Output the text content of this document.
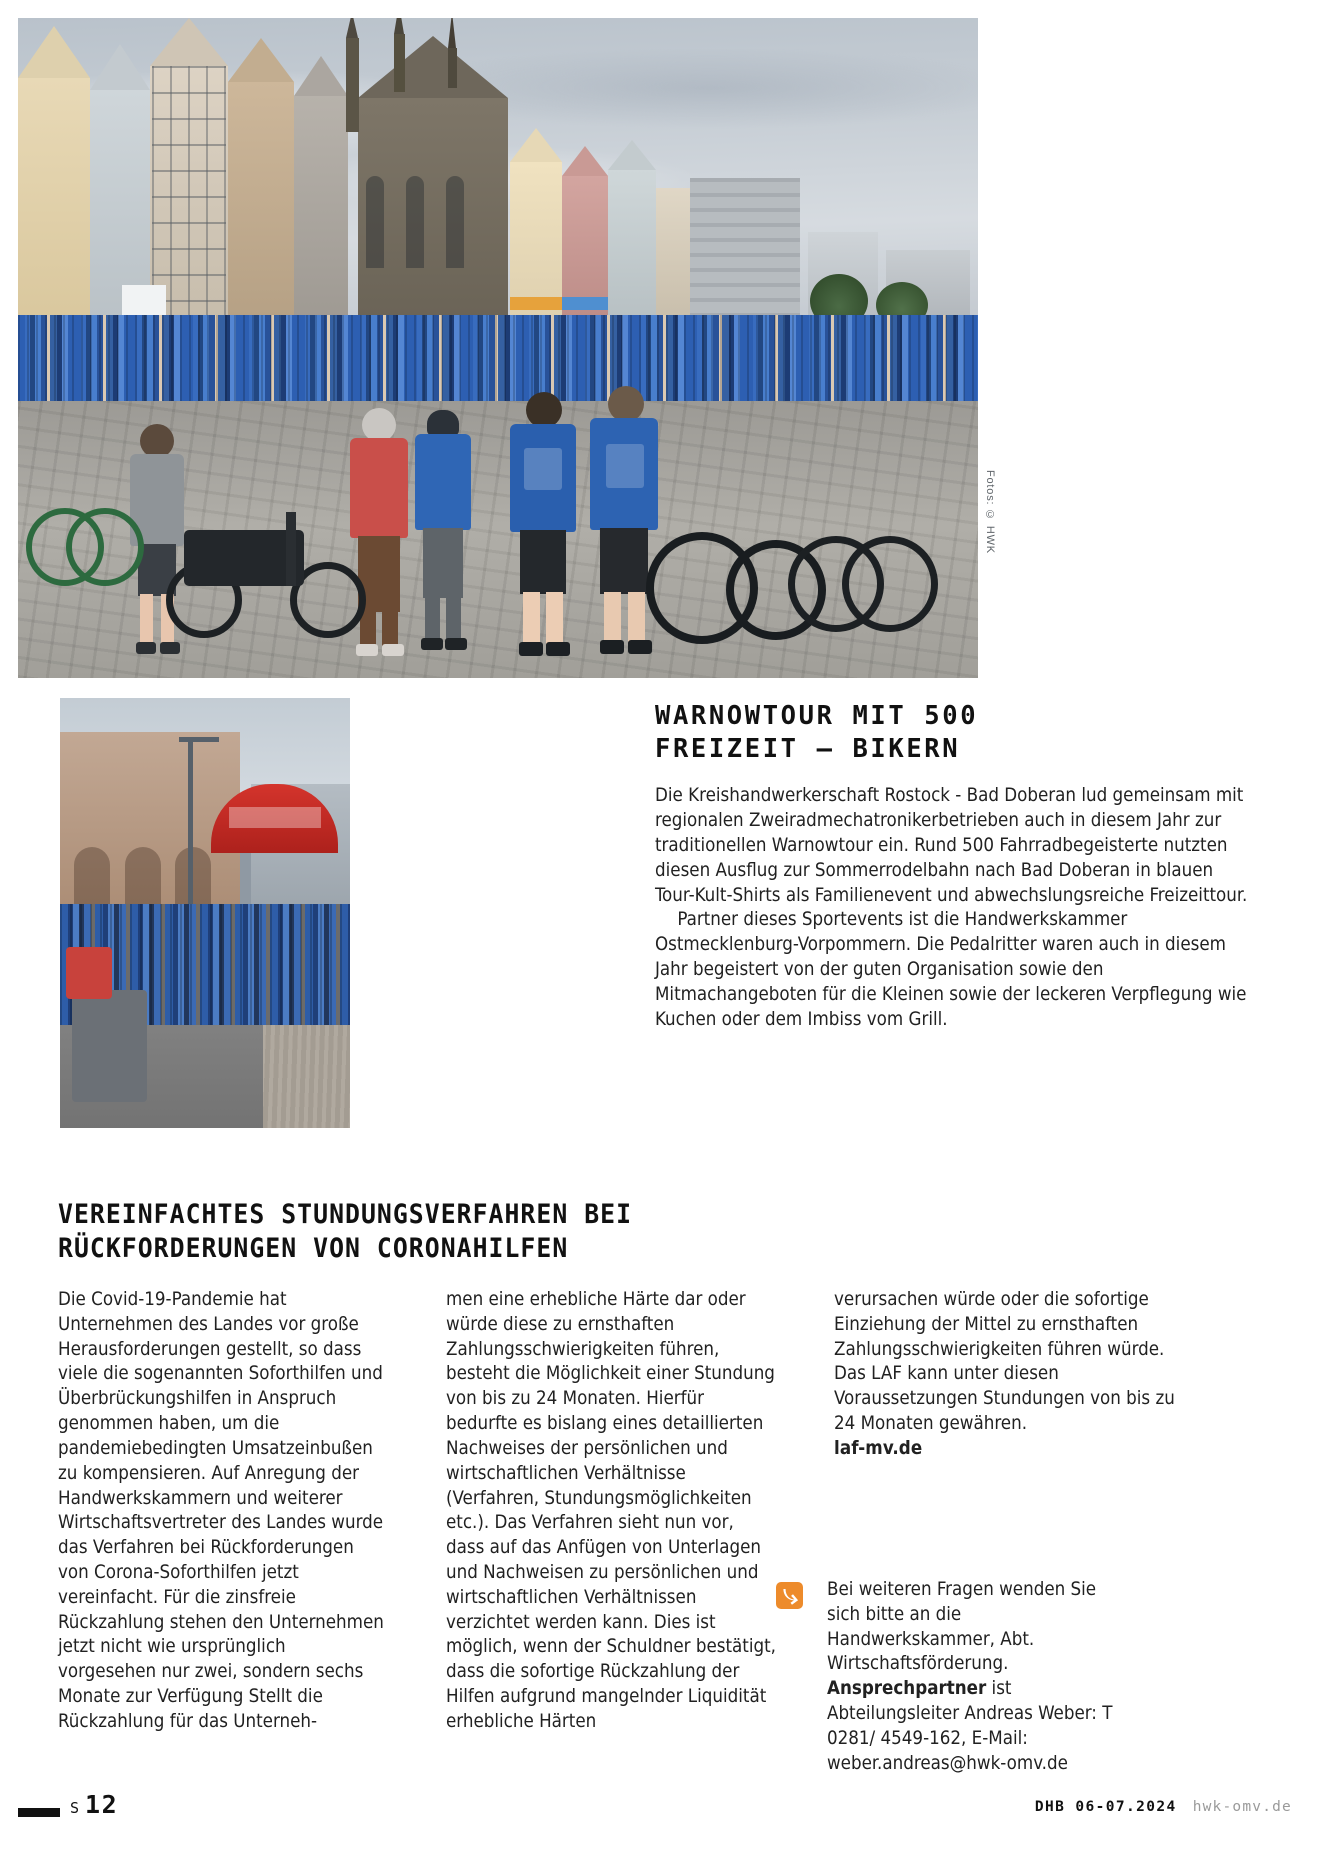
Fotos: © HWK
WARNOWTOUR MIT 500
FREIZEIT – BIKERN

Die Kreishandwerkerschaft Rostock - Bad Doberan lud gemeinsam mit regionalen Zweiradmechatronikerbetrieben auch in diesem Jahr zur traditionellen Warnowtour ein. Rund 500 Fahrradbegeisterte nutzten diesen Ausflug zur Sommerrodelbahn nach Bad Doberan in blauen Tour-Kult-Shirts als Familienevent und abwechslungsreiche Freizeittour.

Partner dieses Sportevents ist die Handwerkskammer Ostmecklenburg-Vorpommern. Die Pedalritter waren auch in diesem Jahr begeistert von der guten Organisation sowie den Mitmachangeboten für die Kleinen sowie der leckeren Verpflegung wie Kuchen oder dem Imbiss vom Grill.

VEREINFACHTES STUNDUNGSVERFAHREN BEI
RÜCKFORDERUNGEN VON CORONAHILFEN

Die Covid-19-Pandemie hat Unternehmen des Landes vor große Herausforderungen gestellt, so dass viele die sogenannten Soforthilfen und Überbrückungshilfen in Anspruch genommen haben, um die pandemiebedingten Umsatzeinbußen zu kompensieren. Auf Anregung der Handwerkskammern und weiterer Wirtschaftsvertreter des Landes wurde das Verfahren bei Rückforderungen von Corona-Soforthilfen jetzt vereinfacht. Für die zinsfreie Rückzahlung stehen den Unternehmen jetzt nicht wie ursprünglich vorgesehen nur zwei, sondern sechs Monate zur Verfügung Stellt die Rückzahlung für das Unterneh-

men eine erhebliche Härte dar oder würde diese zu ernsthaften Zahlungsschwierigkeiten führen, besteht die Möglichkeit einer Stundung von bis zu 24 Monaten. Hierfür bedurfte es bislang eines detaillierten Nachweises der persönlichen und wirtschaftlichen Verhältnisse (Verfahren, Stundungsmöglichkeiten etc.). Das Verfahren sieht nun vor, dass auf das Anfügen von Unterlagen und Nachweisen zu persönlichen und wirtschaftlichen Verhältnissen verzichtet werden kann. Dies ist möglich, wenn der Schuldner bestätigt, dass die sofortige Rückzahlung der Hilfen aufgrund mangelnder Liquidität erhebliche Härten

verursachen würde oder die sofortige Einziehung der Mittel zu ernsthaften Zahlungsschwierigkeiten führen würde. Das LAF kann unter diesen Voraussetzungen Stundungen von bis zu 24 Monaten gewähren.

laf-mv.de

Bei weiteren Fragen wenden Sie sich bitte an die Handwerkskammer, Abt. Wirtschaftsförderung. Ansprechpartner ist Abteilungsleiter Andreas Weber: T 0281/ 4549-162, E-Mail: weber.andreas@hwk-omv.de
S 12	DHB 06-07.2024 hwk-omv.de
